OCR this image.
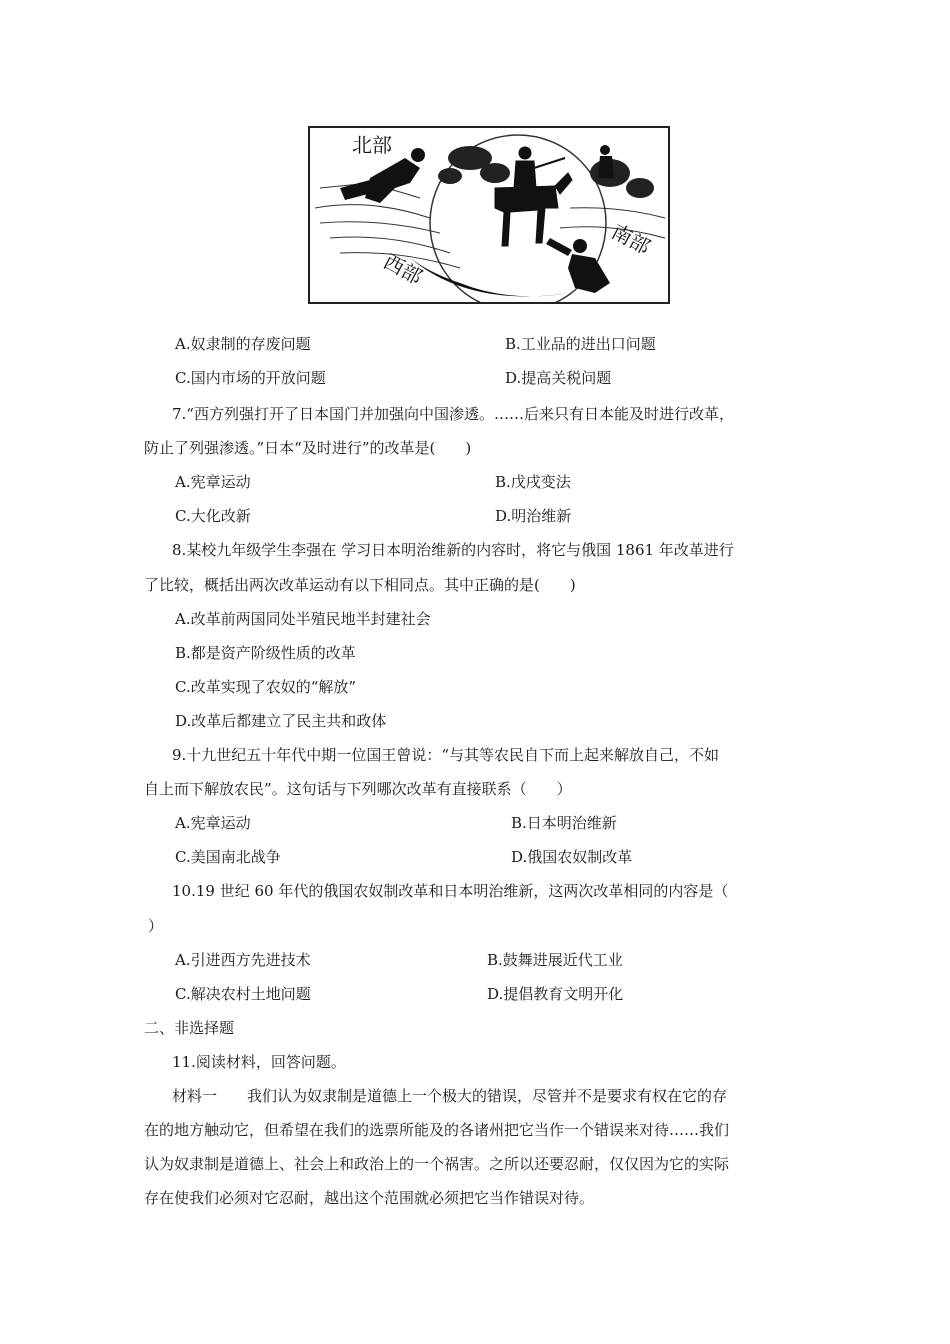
北部
南部
西部
A.奴隶制的存废问题	B.工业品的进出口问题
C.国内市场的开放问题	D.提高关税问题
7.“西方列强打开了日本国门并加强向中国渗透。……后来只有日本能及时进行改革，
防止了列强渗透。”日本“及时进行”的改革是(　　)
A.宪章运动	B.戊戌变法
C.大化改新	D.明治维新
8.某校九年级学生李强在 学习日本明治维新的内容时，将它与俄国 1861 年改革进行
了比较，概括出两次改革运动有以下相同点。其中正确的是(　　)
A.改革前两国同处半殖民地半封建社会
B.都是资产阶级性质的改革
C.改革实现了农奴的“解放”
D.改革后都建立了民主共和政体
9.十九世纪五十年代中期一位国王曾说：“与其等农民自下而上起来解放自己，不如
自上而下解放农民”。这句话与下列哪次改革有直接联系（　　）
A.宪章运动	B.日本明治维新
C.美国南北战争	D.俄国农奴制改革
10.19 世纪 60 年代的俄国农奴制改革和日本明治维新，这两次改革相同的内容是（
）
A.引进西方先进技术	B.鼓舞进展近代工业
C.解决农村土地问题	D.提倡教育文明开化
二、非选择题
11.阅读材料，回答问题。
材料一　　我们认为奴隶制是道德上一个极大的错误，尽管并不是要求有权在它的存
在的地方触动它，但希望在我们的选票所能及的各诸州把它当作一个错误来对待……我们
认为奴隶制是道德上、社会上和政治上的一个祸害。之所以还要忍耐，仅仅因为它的实际
存在使我们必须对它忍耐，越出这个范围就必须把它当作错误对待。
